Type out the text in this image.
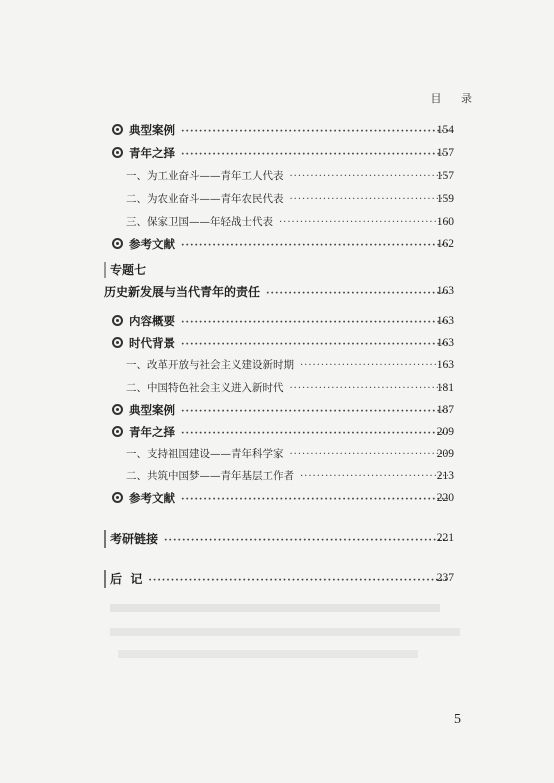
目 录
典型案例 ·····	154
青年之择 ·····	157
一、为工业奋斗——青年工人代表 ·····	157
二、为农业奋斗——青年农民代表 ·····	159
三、保家卫国——年轻战士代表 ·····	160
参考文献 ·····	162
专题七
历史新发展与当代青年的责任 ·····	163
内容概要 ·····	163
时代背景 ·····	163
一、改革开放与社会主义建设新时期 ·····	163
二、中国特色社会主义进入新时代 ·····	181
典型案例 ·····	187
青年之择 ·····	209
一、支持祖国建设——青年科学家 ·····	209
二、共筑中国梦——青年基层工作者 ·····	213
参考文献 ·····	220
考研链接 ·····	221
后  记 ·····	237
5
